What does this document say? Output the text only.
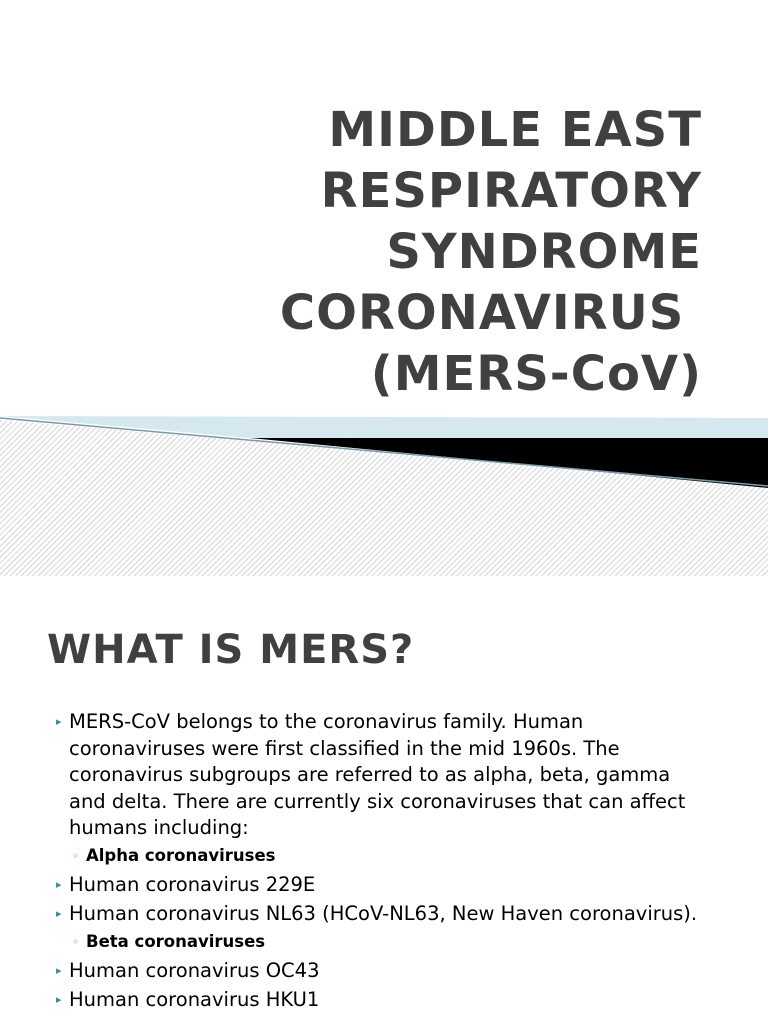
MIDDLE EAST
RESPIRATORY
SYNDROME
CORONAVIRUS
(MERS-CoV)
WHAT IS MERS?
▸ MERS-CoV belongs to the coronavirus family. Human coronaviruses were first classified in the mid 1960s. The coronavirus subgroups are referred to as alpha, beta, gamma and delta. There are currently six coronaviruses that can affect humans including:
◦ Alpha coronaviruses
▸ Human coronavirus 229E
▸ Human coronavirus NL63 (HCoV-NL63, New Haven coronavirus).
◦ Beta coronaviruses
▸ Human coronavirus OC43
▸ Human coronavirus HKU1
